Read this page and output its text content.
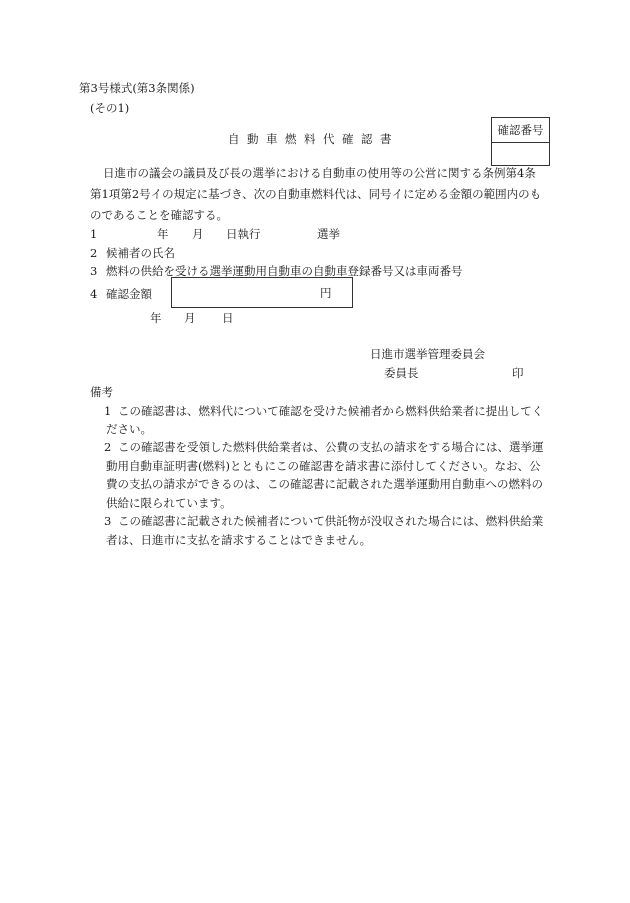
第3号様式(第3条関係)
(その1)
自動車燃料代確認書
確認番号
日進市の議会の議員及び長の選挙における自動車の使用等の公営に関する条例第4条
第1項第2号イの規定に基づき、次の自動車燃料代は、同号イに定める金額の範囲内のも
のであることを確認する。
1	年 月 日執行	選挙
2 候補者の氏名
3 燃料の供給を受ける選挙運動用自動車の自動車登録番号又は車両番号
4 確認金額	円
年 月 日
日進市選挙管理委員会
委員長	印
備考
1 この確認書は、燃料代について確認を受けた候補者から燃料供給業者に提出してく
ださい。
2 この確認書を受領した燃料供給業者は、公費の支払の請求をする場合には、選挙運
動用自動車証明書(燃料)とともにこの確認書を請求書に添付してください。なお、公
費の支払の請求ができるのは、この確認書に記載された選挙運動用自動車への燃料の
供給に限られています。
3 この確認書に記載された候補者について供託物が没収された場合には、燃料供給業
者は、日進市に支払を請求することはできません。
